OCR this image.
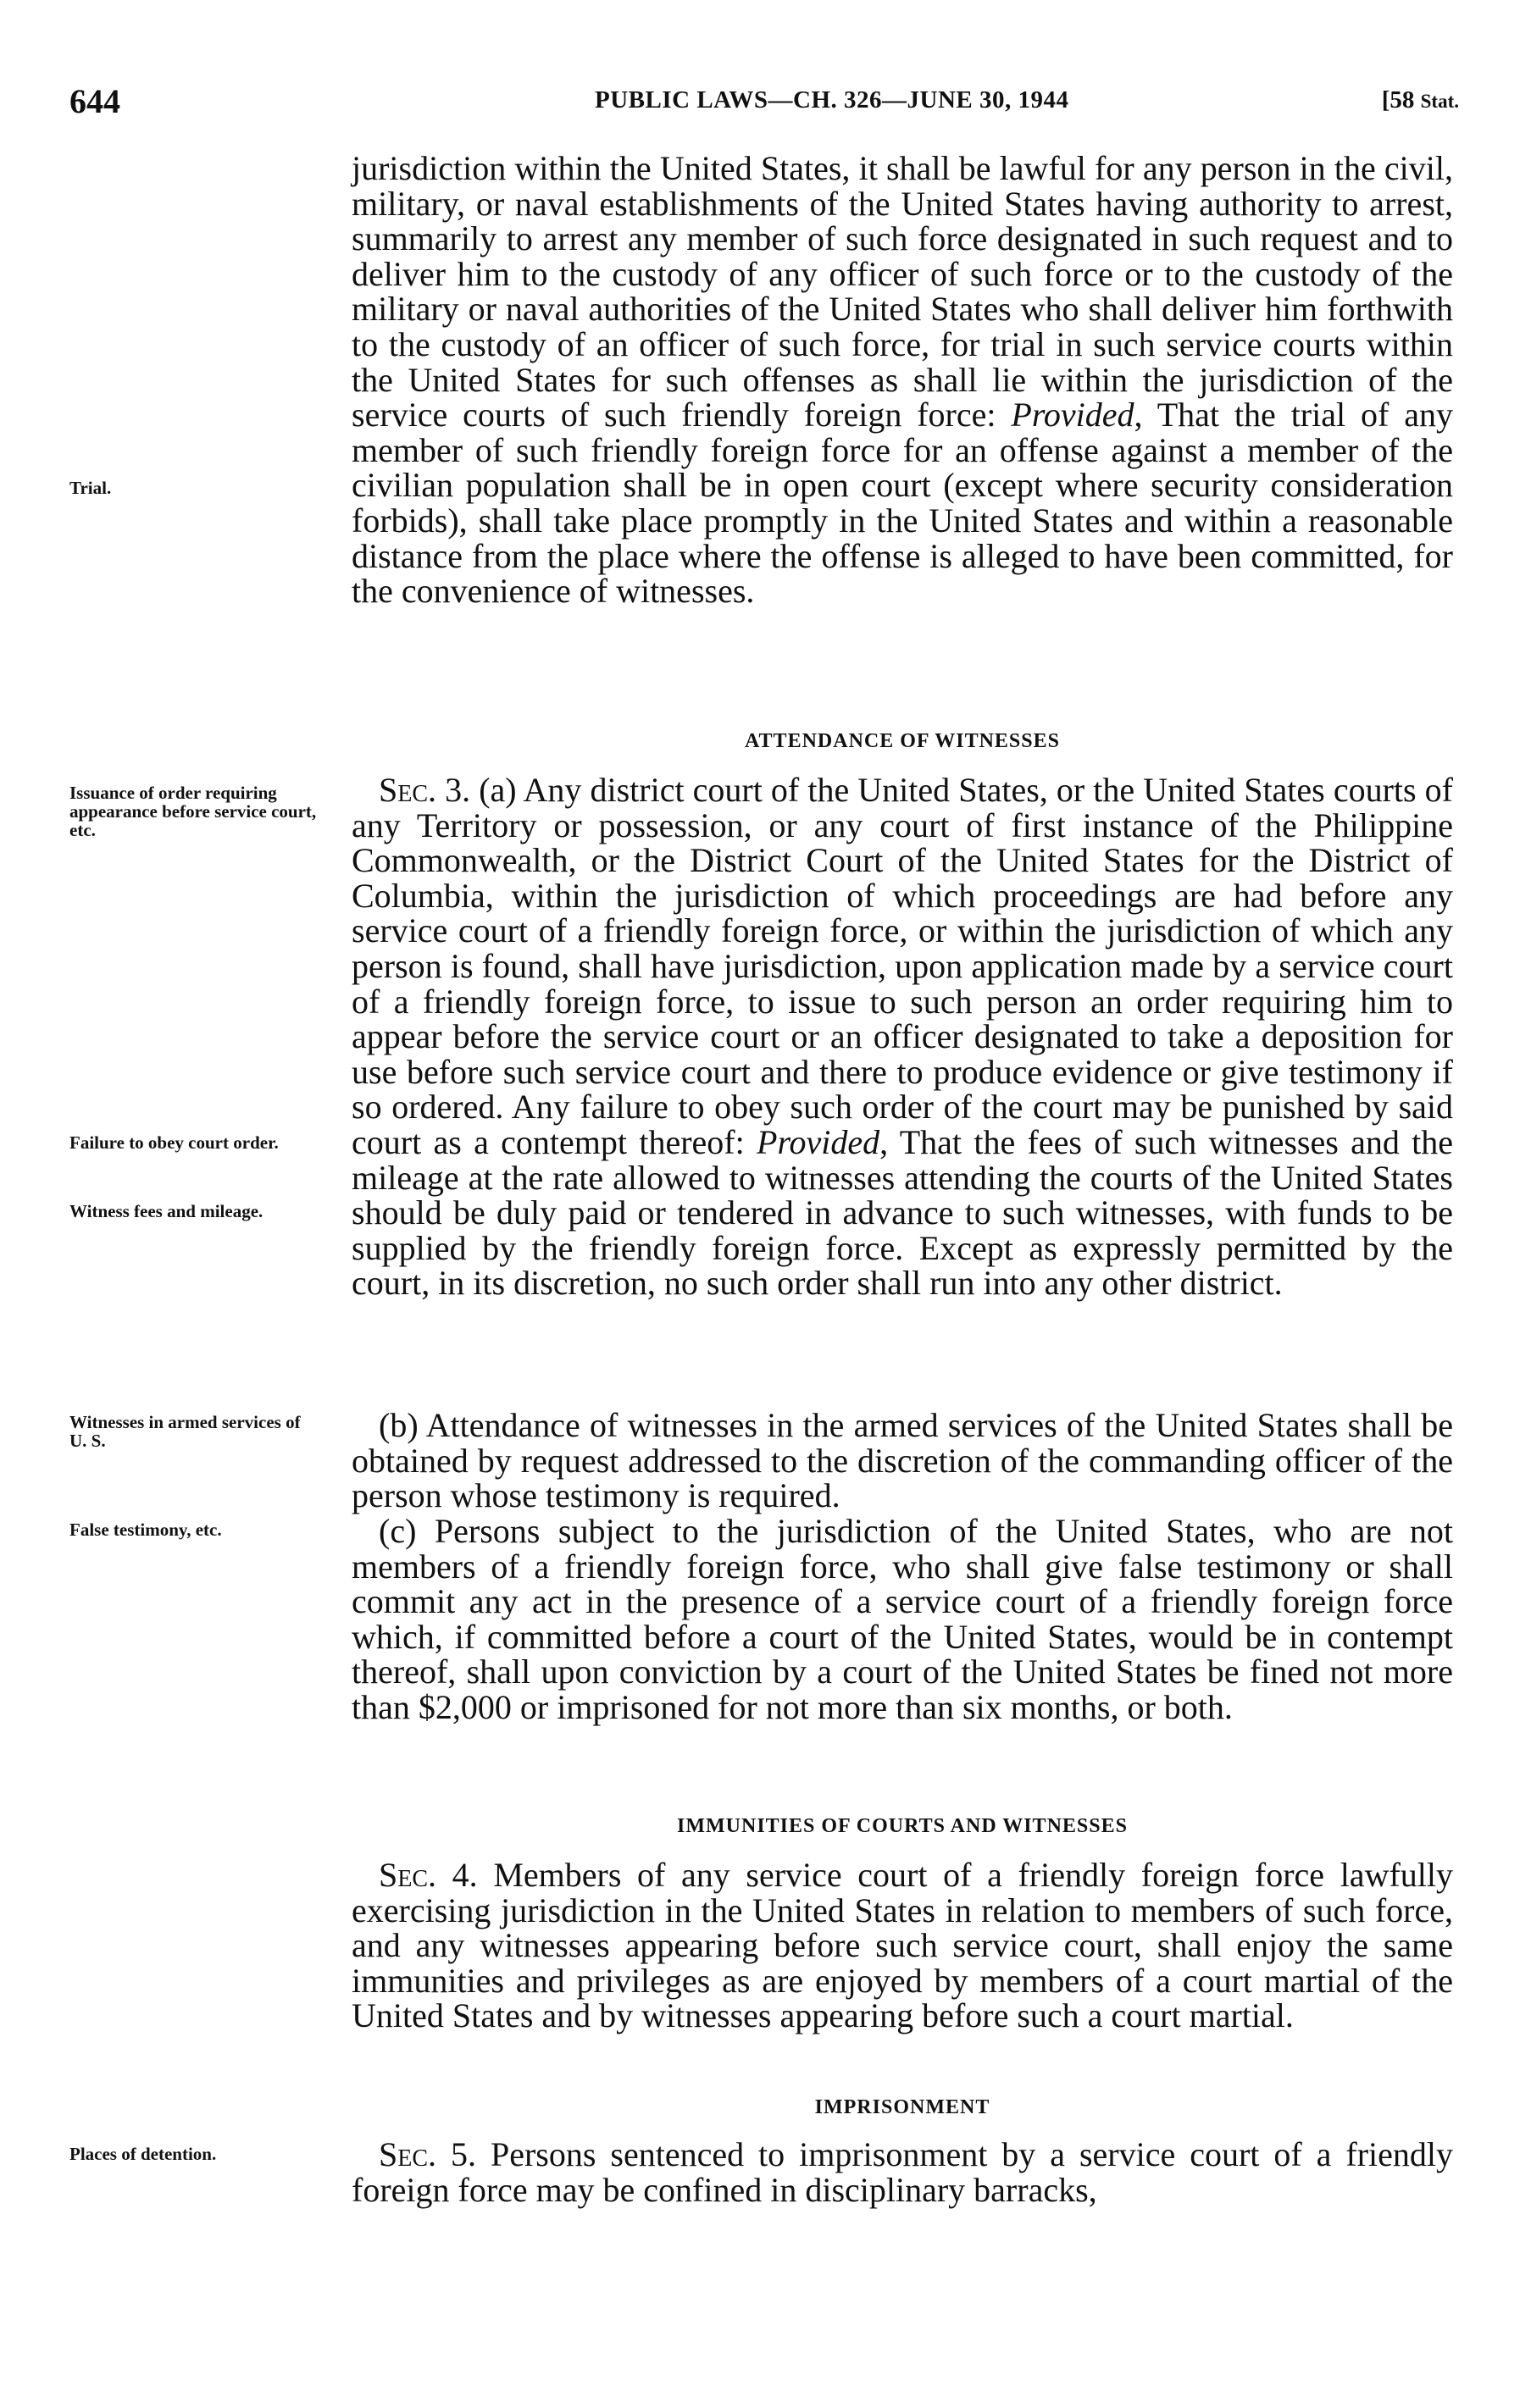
644	PUBLIC LAWS—CH. 326—JUNE 30, 1944	[58 Stat.
Trial.
Issuance of order requiring appearance before service court, etc.
Failure to obey court order.
Witness fees and mileage.
Witnesses in armed services of U. S.
False testimony, etc.
Places of detention.
jurisdiction within the United States, it shall be lawful for any person in the civil, military, or naval establishments of the United States having authority to arrest, summarily to arrest any member of such force designated in such request and to deliver him to the custody of any officer of such force or to the custody of the military or naval authorities of the United States who shall deliver him forthwith to the custody of an officer of such force, for trial in such service courts within the United States for such offenses as shall lie within the jurisdiction of the service courts of such friendly foreign force: Provided, That the trial of any member of such friendly foreign force for an offense against a member of the civilian population shall be in open court (except where security consideration forbids), shall take place promptly in the United States and within a reasonable distance from the place where the offense is alleged to have been committed, for the convenience of witnesses.
ATTENDANCE OF WITNESSES
Sec. 3. (a) Any district court of the United States, or the United States courts of any Territory or possession, or any court of first instance of the Philippine Commonwealth, or the District Court of the United States for the District of Columbia, within the jurisdiction of which proceedings are had before any service court of a friendly foreign force, or within the jurisdiction of which any person is found, shall have jurisdiction, upon application made by a service court of a friendly foreign force, to issue to such person an order requiring him to appear before the service court or an officer designated to take a deposition for use before such service court and there to produce evidence or give testimony if so ordered. Any failure to obey such order of the court may be punished by said court as a contempt thereof: Provided, That the fees of such witnesses and the mileage at the rate allowed to witnesses attending the courts of the United States should be duly paid or tendered in advance to such witnesses, with funds to be supplied by the friendly foreign force. Except as expressly permitted by the court, in its discretion, no such order shall run into any other district.
(b) Attendance of witnesses in the armed services of the United States shall be obtained by request addressed to the discretion of the commanding officer of the person whose testimony is required.
(c) Persons subject to the jurisdiction of the United States, who are not members of a friendly foreign force, who shall give false testimony or shall commit any act in the presence of a service court of a friendly foreign force which, if committed before a court of the United States, would be in contempt thereof, shall upon conviction by a court of the United States be fined not more than $2,000 or imprisoned for not more than six months, or both.
IMMUNITIES OF COURTS AND WITNESSES
Sec. 4. Members of any service court of a friendly foreign force lawfully exercising jurisdiction in the United States in relation to members of such force, and any witnesses appearing before such service court, shall enjoy the same immunities and privileges as are enjoyed by members of a court martial of the United States and by witnesses appearing before such a court martial.
IMPRISONMENT
Sec. 5. Persons sentenced to imprisonment by a service court of a friendly foreign force may be confined in disciplinary barracks,
